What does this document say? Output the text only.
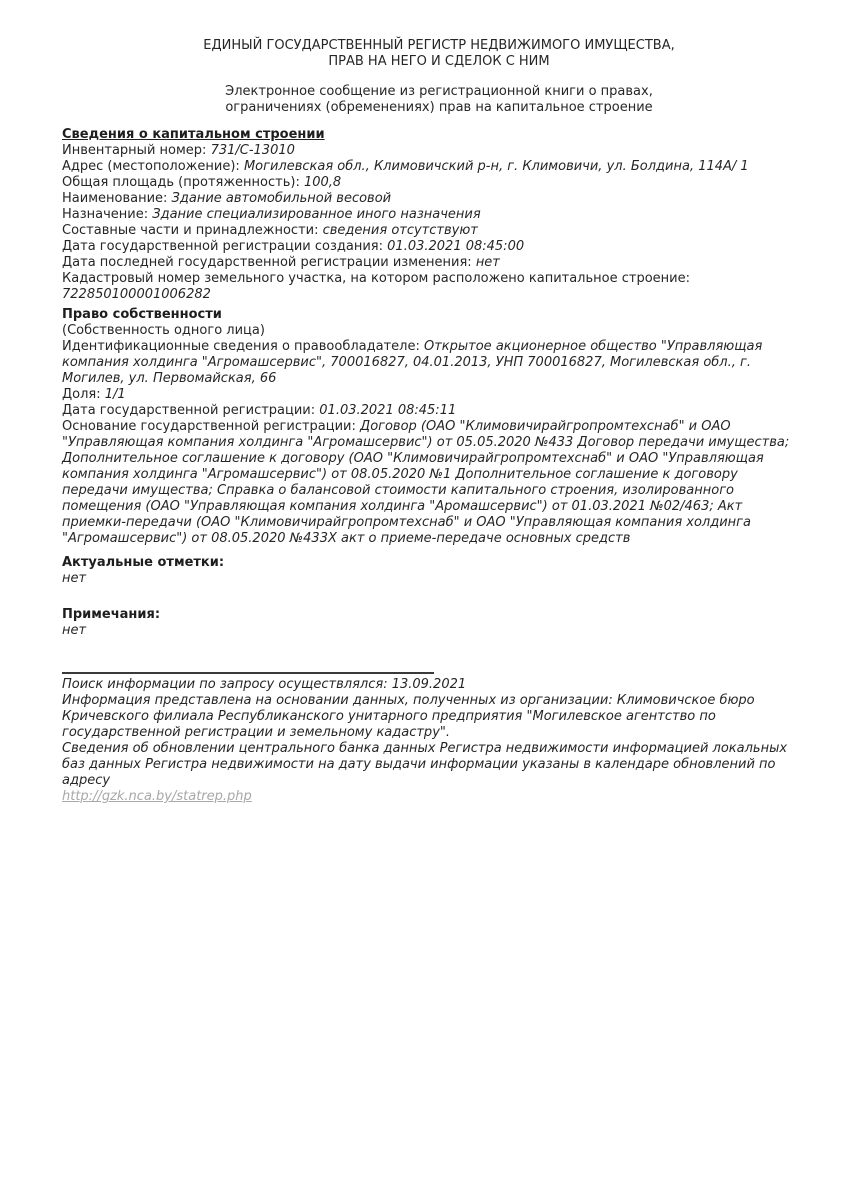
ЕДИНЫЙ ГОСУДАРСТВЕННЫЙ РЕГИСТР НЕДВИЖИМОГО ИМУЩЕСТВА,
ПРАВ НА НЕГО И СДЕЛОК С НИМ
Электронное сообщение из регистрационной книги о правах,
ограничениях (обременениях) прав на капитальное строение
Сведения о капитальном строении

Инвентарный номер: 731/С-13010

Адрес (местоположение): Могилевская обл., Климовичский р-н, г. Климовичи, ул. Болдина, 114А/ 1

Общая площадь (протяженность): 100,8

Наименование: Здание автомобильной весовой

Назначение: Здание специализированное иного назначения

Составные части и принадлежности: сведения отсутствуют

Дата государственной регистрации создания: 01.03.2021 08:45:00

Дата последней государственной регистрации изменения: нет

Кадастровый номер земельного участка, на котором расположено капитальное строение: 722850100001006282

Право собственности

(Собственность одного лица)

Идентификационные сведения о правообладателе: Открытое акционерное общество "Управляющая компания холдинга "Агромашсервис", 700016827, 04.01.2013, УНП 700016827, Могилевская обл., г. Могилев, ул. Первомайская, 66

Доля: 1/1

Дата государственной регистрации: 01.03.2021 08:45:11

Основание государственной регистрации: Договор (ОАО "Климовичирайгропромтехснаб" и ОАО "Управляющая компания холдинга "Агромашсервис") от 05.05.2020 №433 Договор передачи имущества; Дополнительное соглашение к договору (ОАО "Климовичирайгропромтехснаб" и ОАО "Управляющая компания холдинга "Агромашсервис") от 08.05.2020 №1 Дополнительное соглашение к договору передачи имущества; Справка о балансовой стоимости капитального строения, изолированного помещения (ОАО "Управляющая компания холдинга "Аромашсервис") от 01.03.2021 №02/463; Акт приемки-передачи (ОАО "Климовичирайгропромтехснаб" и ОАО "Управляющая компания холдинга "Агромашсервис") от 08.05.2020 №433Х акт о приеме-передаче основных средств

Актуальные отметки:

нет

Примечания:

нет

Поиск информации по запросу осуществлялся: 13.09.2021

Информация представлена на основании данных, полученных из организации: Климовичское бюро Кричевского филиала Республиканского унитарного предприятия "Могилевское агентство по государственной регистрации и земельному кадастру".

Сведения об обновлении центрального банка данных Регистра недвижимости информацией локальных баз данных Регистра недвижимости на дату выдачи информации указаны в календаре обновлений по адресу

http://gzk.nca.by/statrep.php
